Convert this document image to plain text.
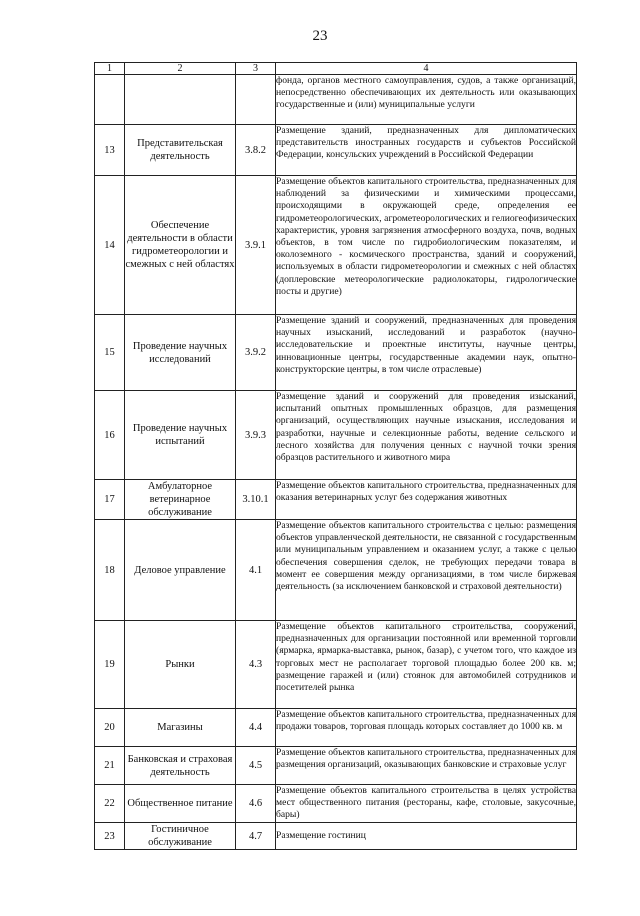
23
1	2	3	4
			фонда, органов местного самоуправления, судов, а также организаций, непосредственно обеспечивающих их деятельность или оказывающих государственные и (или) муниципальные услуги
13	Представительская деятельность	3.8.2	Размещение зданий, предназначенных для дипломатических представительств иностранных государств и субъектов Российской Федерации, консульских учреждений в Российской Федерации
14	Обеспечение деятельности в области гидрометеорологии и смежных с ней областях	3.9.1	Размещение объектов капитального строительства, предназначенных для наблюдений за физическими и химическими процессами, происходящими в окружающей среде, определения ее гидрометеорологических, агрометеорологических и гелиогеофизических характеристик, уровня загрязнения атмосферного воздуха, почв, водных объектов, в том числе по гидробиологическим показателям, и околоземного - космического пространства, зданий и сооружений, используемых в области гидрометеорологии и смежных с ней областях (доплеровские метеорологические радиолокаторы, гидрологические посты и другие)
15	Проведение научных исследований	3.9.2	Размещение зданий и сооружений, предназначенных для проведения научных изысканий, исследований и разработок (научно-исследовательские и проектные институты, научные центры, инновационные центры, государственные академии наук, опытно-конструкторские центры, в том числе отраслевые)
16	Проведение научных испытаний	3.9.3	Размещение зданий и сооружений для проведения изысканий, испытаний опытных промышленных образцов, для размещения организаций, осуществляющих научные изыскания, исследования и разработки, научные и селекционные работы, ведение сельского и лесного хозяйства для получения ценных с научной точки зрения образцов растительного и животного мира
17	Амбулаторное ветеринарное обслуживание	3.10.1	Размещение объектов капитального строительства, предназначенных для оказания ветеринарных услуг без содержания животных
18	Деловое управление	4.1	Размещение объектов капитального строительства с целью: размещения объектов управленческой деятельности, не связанной с государственным или муниципальным управлением и оказанием услуг, а также с целью обеспечения совершения сделок, не требующих передачи товара в момент ее совершения между организациями, в том числе биржевая деятельность (за исключением банковской и страховой деятельности)
19	Рынки	4.3	Размещение объектов капитального строительства, сооружений, предназначенных для организации постоянной или временной торговли (ярмарка, ярмарка-выставка, рынок, базар), с учетом того, что каждое из торговых мест не располагает торговой площадью более 200 кв. м; размещение гаражей и (или) стоянок для автомобилей сотрудников и посетителей рынка
20	Магазины	4.4	Размещение объектов капитального строительства, предназначенных для продажи товаров, торговая площадь которых составляет до 1000 кв. м
21	Банковская и страховая деятельность	4.5	Размещение объектов капитального строительства, предназначенных для размещения организаций, оказывающих банковские и страховые услуг
22	Общественное питание	4.6	Размещение объектов капитального строительства в целях устройства мест общественного питания (рестораны, кафе, столовые, закусочные, бары)
23	Гостиничное обслуживание	4.7	Размещение гостиниц
